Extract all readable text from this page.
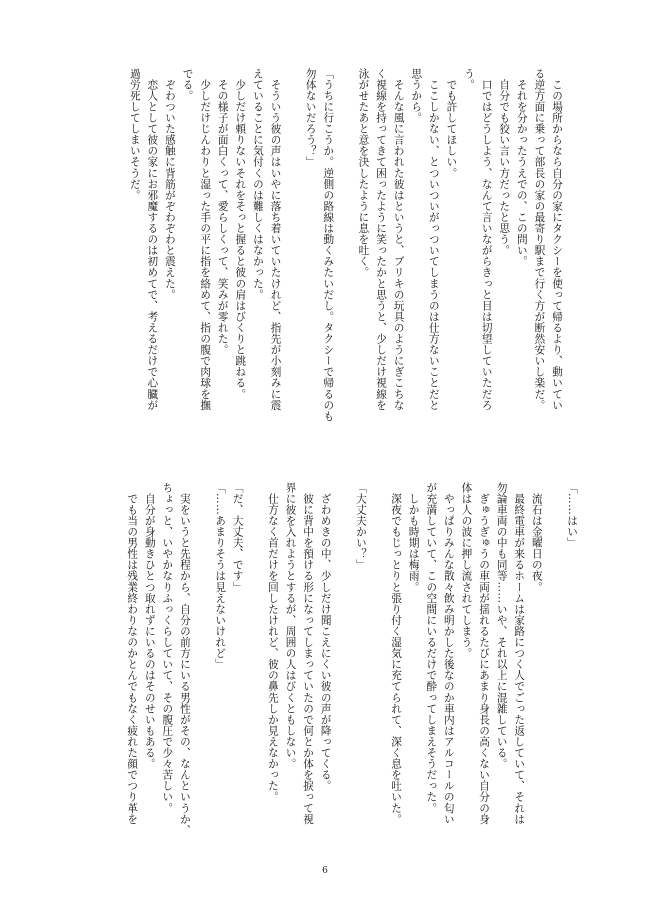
　この場所からなら自分の家にタクシーを使って帰るより、動いてい
る逆方面に乗って部長の家の最寄り駅まで行く方が断然安いし楽だ。
　それを分かったうえでの、この問い。
　自分でも狡い言い方だったと思う。
　口ではどうしよう、なんて言いながらきっと目は切望していただろ
う。
　でも許してほしい。
　ここしかない、とついついがっついてしまうのは仕方ないことだと
思うから。
　そんな風に言われた彼はというと、ブリキの玩具のようにぎこちな
く視線を持ってきて困ったように笑ったかと思うと、少しだけ視線を
泳がせたあと意を決したように息を吐く。

「うちに行こうか。逆側の路線は動くみたいだし。タクシーで帰るのも
勿体ないだろう？」

　そういう彼の声はいやに落ち着いていたけれど、指先が小刻みに震
えていることに気付くのは難しくはなかった。
　少しだけ頼りないそれをそっと握ると彼の肩はびくりと跳ねる。
　その様子が面白くって、愛らしくって、笑みが零れた。
　少しだけじんわりと湿った手の平に指を絡めて、指の腹で肉球を撫
でる。
　ぞわついた感触に背筋がぞわぞわと震えた。
　恋人として彼の家にお邪魔するのは初めてで、考えるだけで心臓が
過労死してしまいそうだ。
「……はい」

　流石は金曜日の夜。
　最終電車が来るホームは家路につく人でごった返していて、それは
勿論車両の中も同等……いや、それ以上に混雑している。
　ぎゅうぎゅうの車両が揺れるたびにあまり身長の高くない自分の身
体は人の波に押し流されてしまう。
　やっぱりみんな散々飲み明かした後なのか車内はアルコールの匂い
が充満していて、この空間にいるだけで酔ってしまえそうだった。
　しかも時期は梅雨。
　深夜でもじっとりと張り付く湿気に充てられて、深く息を吐いた。

「大丈夫かい？」

　ざわめきの中、少しだけ聞こえにくい彼の声が降ってくる。
　彼に背中を預ける形になってしまっていたので何とか体を捩って視
界に彼を入れようとするが、周囲の人はびくともしない。
　仕方なく首だけを回したけれど、彼の鼻先しか見えなかった。

「だ、大丈夫、です」
「……あまりそうは見えないけれど」

　実をいうと先程から、自分の前方にいる男性がその、なんというか、
ちょっと、いやかなりふっくらしていて、その腹圧で少々苦しい。
　自分が身動きひとつ取れずにいるのはそのせいもある。
　でも当の男性は残業終わりなのかとんでもなく疲れた顔でつり革を
6
